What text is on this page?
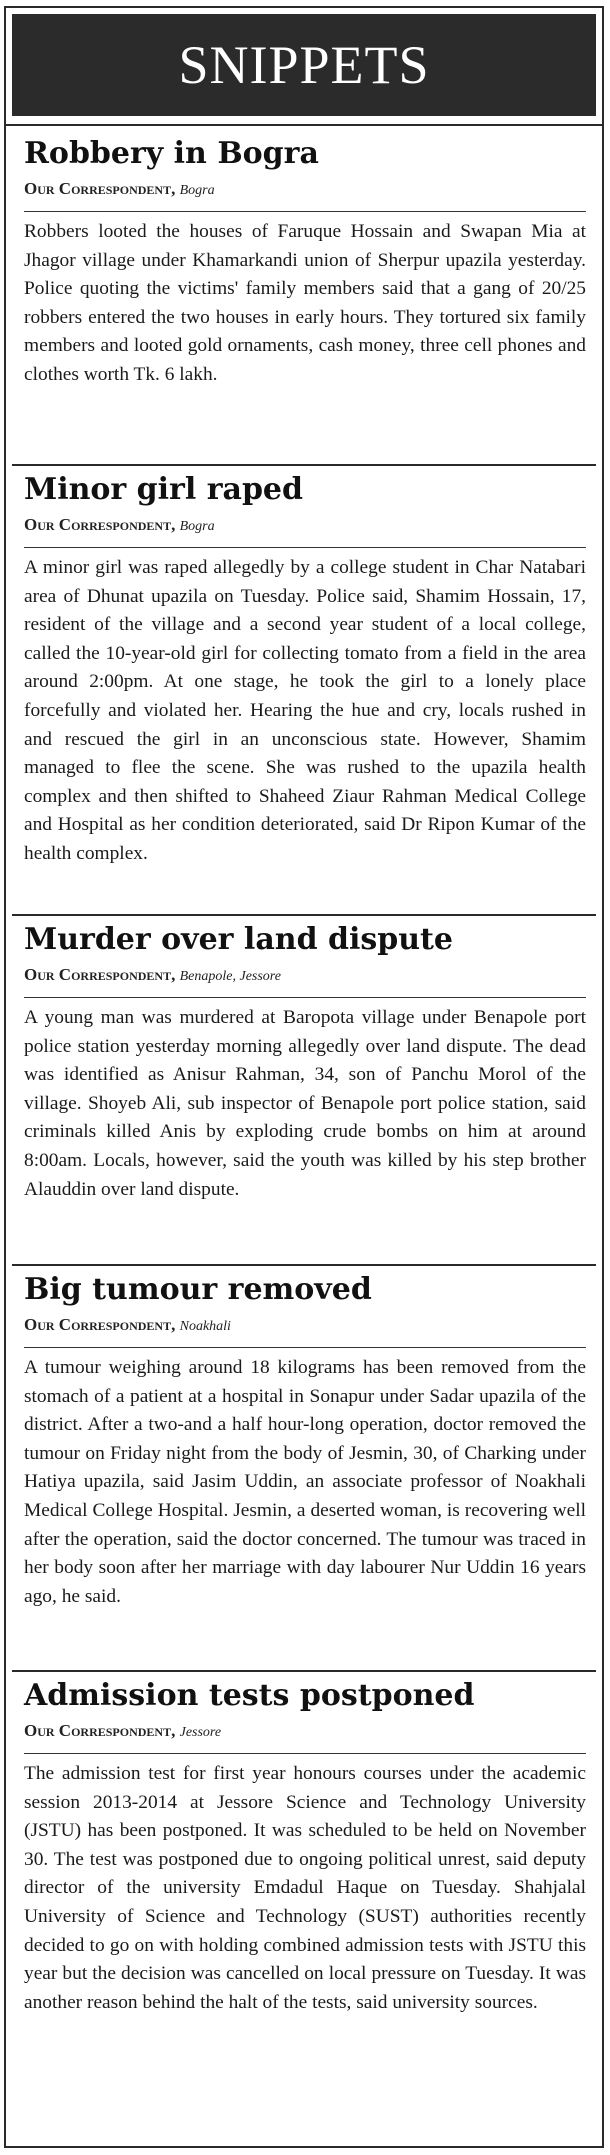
SNIPPETS
Robbery in Bogra

Our Correspondent, Bogra

Robbers looted the houses of Faruque Hossain and Swapan Mia at Jhagor village under Khamarkandi union of Sherpur upazila yesterday. Police quoting the victims' family members said that a gang of 20/25 robbers entered the two houses in early hours. They tortured six family members and looted gold ornaments, cash money, three cell phones and clothes worth Tk. 6 lakh.

Minor girl raped

Our Correspondent, Bogra

A minor girl was raped allegedly by a college student in Char Natabari area of Dhunat upazila on Tuesday. Police said, Shamim Hossain, 17, resident of the village and a second year student of a local college, called the 10-year-old girl for collecting tomato from a field in the area around 2:00pm. At one stage, he took the girl to a lonely place forcefully and violated her. Hearing the hue and cry, locals rushed in and rescued the girl in an unconscious state. However, Shamim managed to flee the scene. She was rushed to the upazila health complex and then shifted to Shaheed Ziaur Rahman Medical College and Hospital as her condition deteriorated, said Dr Ripon Kumar of the health complex.

Murder over land dispute

Our Correspondent, Benapole, Jessore

A young man was murdered at Baropota village under Benapole port police station yesterday morning allegedly over land dispute. The dead was identified as Anisur Rahman, 34, son of Panchu Morol of the village. Shoyeb Ali, sub inspector of Benapole port police station, said criminals killed Anis by exploding crude bombs on him at around 8:00am. Locals, however, said the youth was killed by his step brother Alauddin over land dispute.

Big tumour removed

Our Correspondent, Noakhali

A tumour weighing around 18 kilograms has been removed from the stomach of a patient at a hospital in Sonapur under Sadar upazila of the district. After a two-and a half hour-long operation, doctor removed the tumour on Friday night from the body of Jesmin, 30, of Charking under Hatiya upazila, said Jasim Uddin, an associate professor of Noakhali Medical College Hospital. Jesmin, a deserted woman, is recovering well after the operation, said the doctor concerned. The tumour was traced in her body soon after her marriage with day labourer Nur Uddin 16 years ago, he said.

Admission tests postponed

Our Correspondent, Jessore

The admission test for first year honours courses under the academic session 2013-2014 at Jessore Science and Technology University (JSTU) has been postponed. It was scheduled to be held on November 30. The test was postponed due to ongoing political unrest, said deputy director of the university Emdadul Haque on Tuesday. Shahjalal University of Science and Technology (SUST) authorities recently decided to go on with holding combined admission tests with JSTU this year but the decision was cancelled on local pressure on Tuesday. It was another reason behind the halt of the tests, said university sources.
